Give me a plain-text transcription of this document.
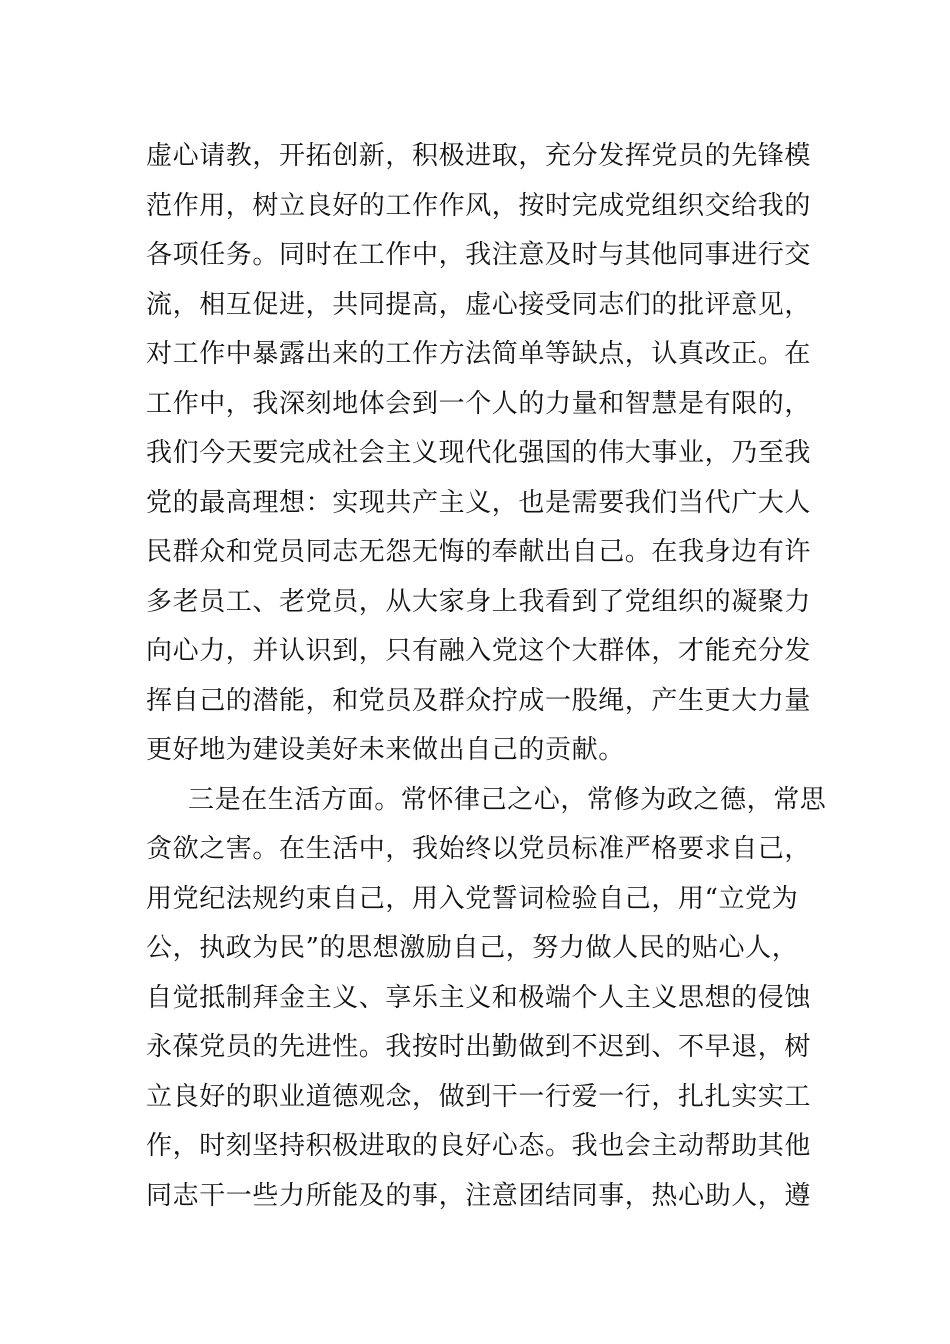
虚心请教，开拓创新，积极进取，充分发挥党员的先锋模
范作用，树立良好的工作作风，按时完成党组织交给我的
各项任务。同时在工作中，我注意及时与其他同事进行交
流，相互促进，共同提高，虚心接受同志们的批评意见，
对工作中暴露出来的工作方法简单等缺点，认真改正。在
工作中，我深刻地体会到一个人的力量和智慧是有限的，
我们今天要完成社会主义现代化强国的伟大事业，乃至我
党的最高理想：实现共产主义，也是需要我们当代广大人
民群众和党员同志无怨无悔的奉献出自己。在我身边有许
多老员工、老党员，从大家身上我看到了党组织的凝聚力
向心力，并认识到，只有融入党这个大群体，才能充分发
挥自己的潜能，和党员及群众拧成一股绳，产生更大力量
更好地为建设美好未来做出自己的贡献。
三是在生活方面。常怀律己之心，常修为政之德，常思
贪欲之害。在生活中，我始终以党员标准严格要求自己，
用党纪法规约束自己，用入党誓词检验自己，用“立党为
公，执政为民”的思想激励自己，努力做人民的贴心人，
自觉抵制拜金主义、享乐主义和极端个人主义思想的侵蚀
永葆党员的先进性。我按时出勤做到不迟到、不早退，树
立良好的职业道德观念，做到干一行爱一行，扎扎实实工
作，时刻坚持积极进取的良好心态。我也会主动帮助其他
同志干一些力所能及的事，注意团结同事，热心助人，遵
